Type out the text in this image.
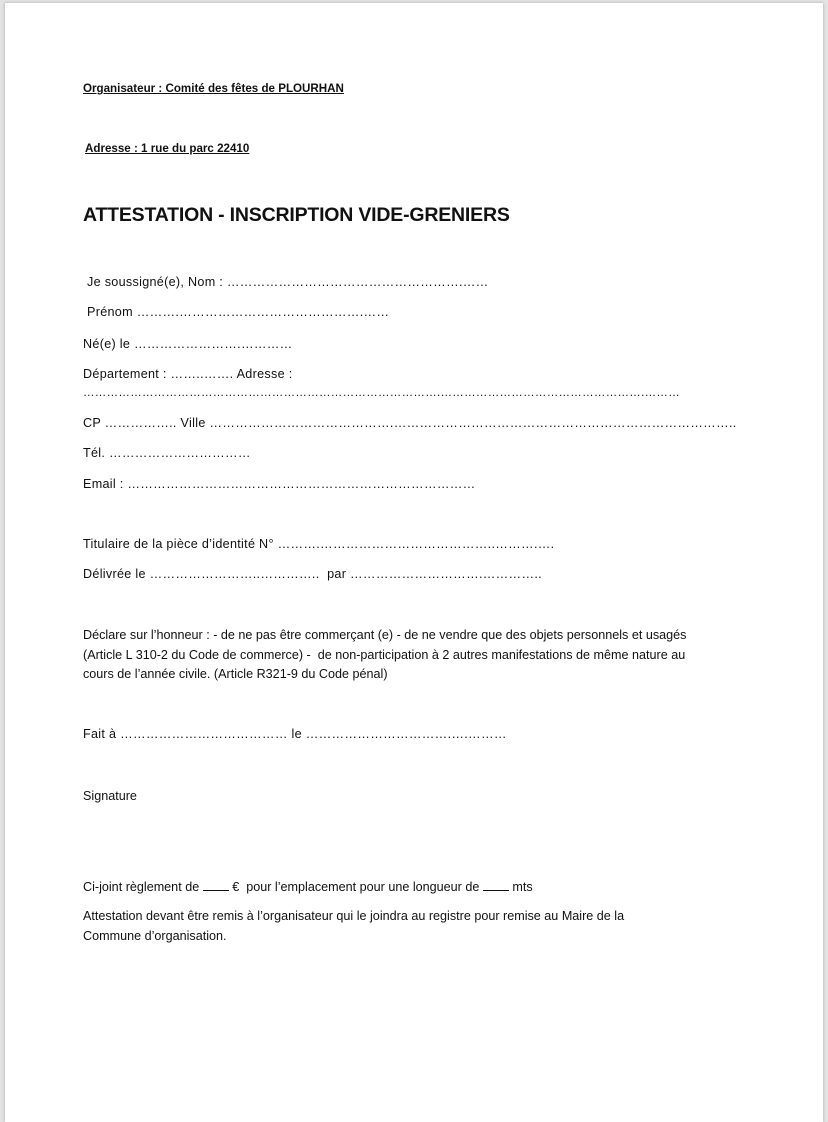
Organisateur : Comité des fêtes de PLOURHAN
Adresse : 1 rue du parc 22410
ATTESTATION - INSCRIPTION VIDE-GRENIERS
Je soussigné(e), Nom : ……………………………………………….……
Prénom ……….…………………………………….……
Né(e) le …………………….…………
Département : ……..……. Adresse :
……………………………………………………………………………….…………………………………………….………
CP …………….. Ville …………………………………….……………………………………………………………………..
Tél. ……………………………
Email : ………………………………………………………………………
Titulaire de la pièce d’identité N° ……….…………………………………..……….….
Délivrée le ……………………..………….. par ………………………….…………..
Déclare sur l’honneur : - de ne pas être commerçant (e) - de ne vendre que des objets personnels et usagés
(Article L 310-2 du Code de commerce) -  de non-participation à 2 autres manifestations de même nature au
cours de l’année civile. (Article R321-9 du Code pénal)
Fait à ………………………………… le …………………………….….………
Signature
Ci-joint règlement de	€ pour l’emplacement pour une longueur de	mts
Attestation devant être remis à l’organisateur qui le joindra au registre pour remise au Maire de la
Commune d’organisation.
